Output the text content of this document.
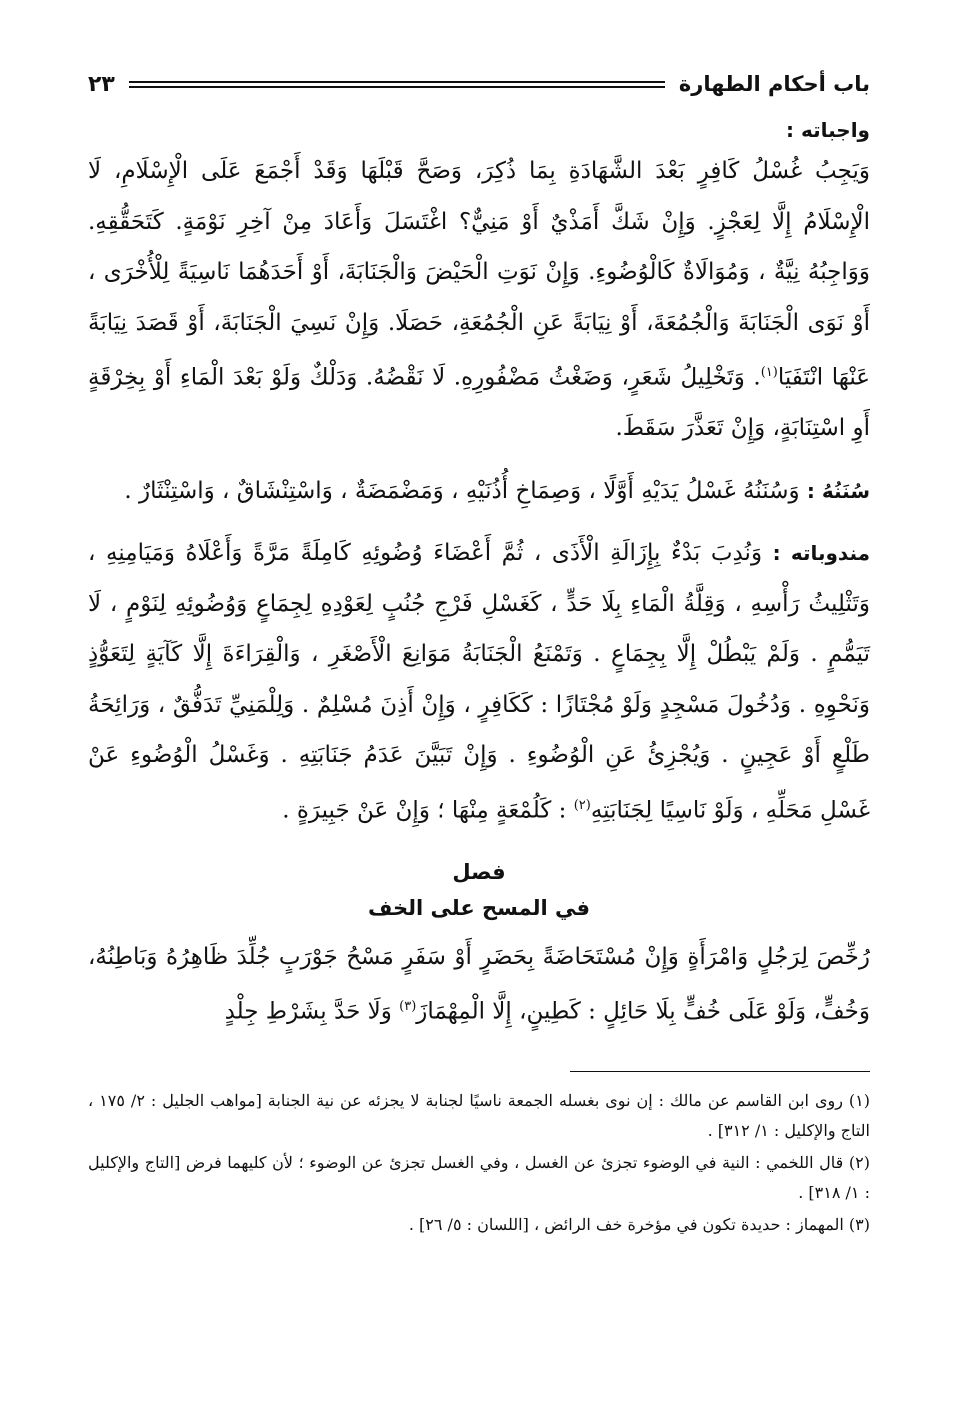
باب أحكام الطهارة
٢٣
واجباته :

وَيَجِبُ غُسْلُ كَافِرٍ بَعْدَ الشَّهَادَةِ بِمَا ذُكِرَ، وَصَحَّ قَبْلَهَا وَقَدْ أَجْمَعَ عَلَى الْإِسْلَامِ، لَا الْإِسْلَامُ إِلَّا لِعَجْزٍ. وَإِنْ شَكَّ أَمَذْيٌ أَوْ مَنِيٌّ؟ اغْتَسَلَ وَأَعَادَ مِنْ آخِرِ نَوْمَةٍ. كَتَحَقُّقِهِ. وَوَاجِبُهُ نِيَّةٌ ، وَمُوَالَاةٌ كَالْوُضُوءِ. وَإِنْ نَوَتِ الْحَيْضَ وَالْجَنَابَةَ، أَوْ أَحَدَهُمَا نَاسِيَةً لِلْأُخْرَى ، أَوْ نَوَى الْجَنَابَةَ وَالْجُمُعَةَ، أَوْ نِيَابَةً عَنِ الْجُمُعَةِ، حَصَلَا. وَإِنْ نَسِيَ الْجَنَابَةَ، أَوْ قَصَدَ نِيَابَةً عَنْهَا انْتَفَيَا$^{(١)}$. وَتَخْلِيلُ شَعَرٍ، وَضَغْثُ مَضْفُورِهِ. لَا نَقْضُهُ. وَدَلْكٌ وَلَوْ بَعْدَ الْمَاءِ أَوْ بِخِرْقَةٍ أَوِ اسْتِنَابَةٍ، وَإِنْ تَعَذَّرَ سَقَطَ.

سُنَنُهُ : وَسُنَنُهُ غَسْلُ يَدَيْهِ أَوَّلًا ، وَصِمَاخِ أُذُنَيْهِ ، وَمَضْمَضَةٌ ، وَاسْتِنْشَاقٌ ، وَاسْتِنْثَارٌ .

مندوباته : وَنُدِبَ بَدْءٌ بِإِزَالَةِ الْأَذَى ، ثُمَّ أَعْضَاءَ وُضُوئِهِ كَامِلَةً مَرَّةً وَأَعْلَاهُ وَمَيَامِنِهِ ، وَتَثْلِيثُ رَأْسِهِ ، وَقِلَّةُ الْمَاءِ بِلَا حَدٍّ ، كَغَسْلِ فَرْجِ جُنُبٍ لِعَوْدِهِ لِجِمَاعٍ وَوُضُوئِهِ لِنَوْمٍ ، لَا تَيَمُّمٍ . وَلَمْ يَبْطُلْ إِلَّا بِجِمَاعٍ . وَتَمْنَعُ الْجَنَابَةُ مَوَانِعَ الْأَصْغَرِ ، وَالْقِرَاءَةَ إِلَّا كَآيَةٍ لِتَعَوُّذٍ وَنَحْوِهِ . وَدُخُولَ مَسْجِدٍ وَلَوْ مُجْتَازًا : كَكَافِرٍ ، وَإِنْ أَذِنَ مُسْلِمٌ . وَلِلْمَنِيِّ تَدَفُّقٌ ، وَرَائِحَةُ طَلْعٍ أَوْ عَجِينٍ . وَيُجْزِئُ عَنِ الْوُضُوءِ . وَإِنْ تَبَيَّنَ عَدَمُ جَنَابَتِهِ . وَغَسْلُ الْوُضُوءِ عَنْ غَسْلِ مَحَلِّهِ ، وَلَوْ نَاسِيًا لِجَنَابَتِهِ$^{(٢)}$ : كَلُمْعَةٍ مِنْهَا ؛ وَإِنْ عَنْ جَبِيرَةٍ .

فصل
في المسح على الخف

رُخِّصَ لِرَجُلٍ وَامْرَأَةٍ وَإِنْ مُسْتَحَاضَةً بِحَضَرٍ أَوْ سَفَرٍ مَسْحُ جَوْرَبٍ جُلِّدَ ظَاهِرُهُ وَبَاطِنُهُ، وَخُفٍّ، وَلَوْ عَلَى خُفٍّ بِلَا حَائِلٍ : كَطِينٍ، إِلَّا الْمِهْمَازَ$^{(٣)}$ وَلَا حَدَّ بِشَرْطِ جِلْدٍ

(١) روى ابن القاسم عن مالك : إن نوى بغسله الجمعة ناسيًا لجنابة لا يجزئه عن نية الجنابة [مواهب الجليل : ٢/ ١٧٥ ، التاج والإكليل : ١/ ٣١٢] .

(٢) قال اللخمي : النية في الوضوء تجزئ عن الغسل ، وفي الغسل تجزئ عن الوضوء ؛ لأن كليهما فرض [التاج والإكليل : ١/ ٣١٨] .

(٣) المهماز : حديدة تكون في مؤخرة خف الرائض ، [اللسان : ٥/ ٢٦] .
